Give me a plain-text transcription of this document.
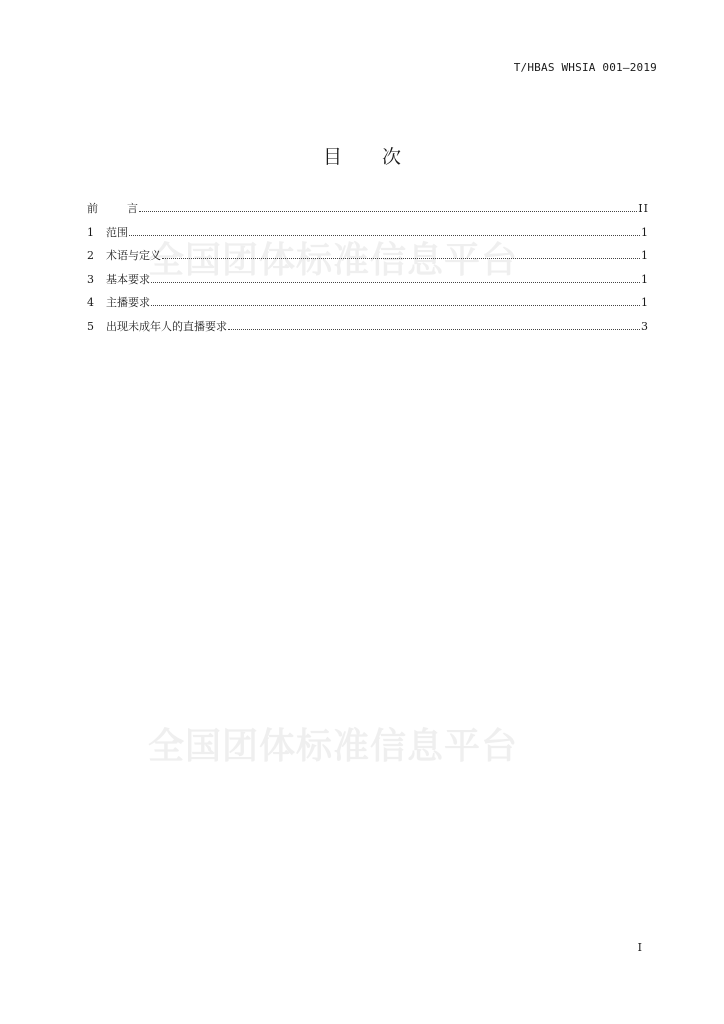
T/HBAS WHSIA 001—2019
目 次
全国团体标准信息平台
全国团体标准信息平台
前	言	II
1	范围	1
2	术语与定义	1
3	基本要求	1
4	主播要求	1
5	出现未成年人的直播要求	3
I
